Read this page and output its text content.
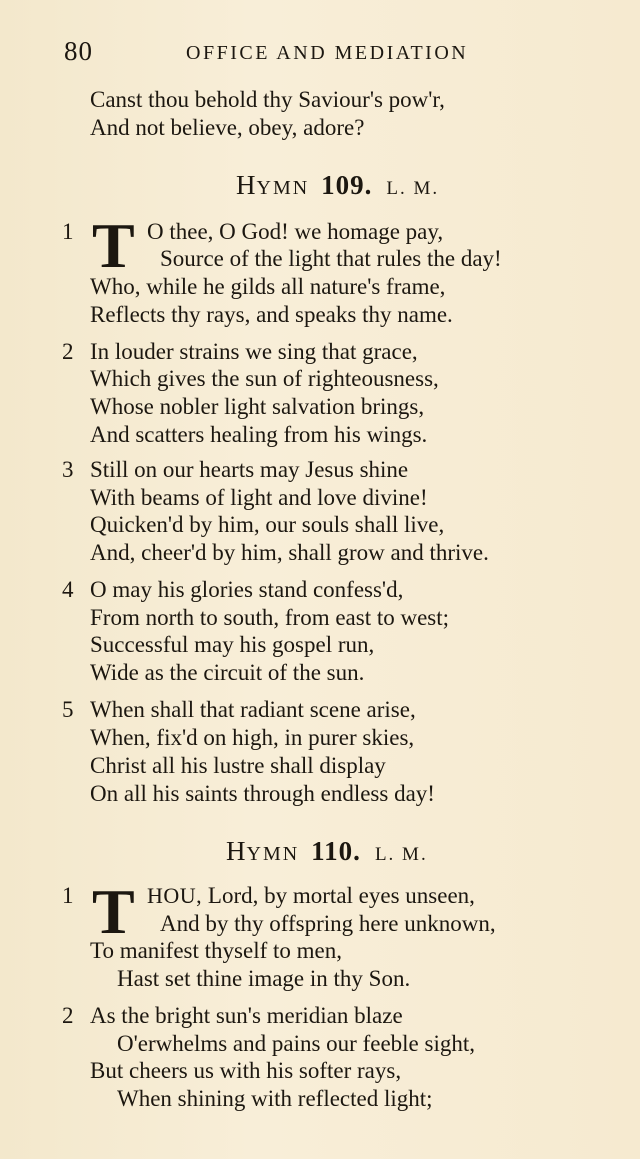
80	OFFICE AND MEDIATION
Canst thou behold thy Saviour's pow'r,
And not believe, obey, adore?
HYMN 109. L. M.
1 T O thee, O God! we homage pay,
Source of the light that rules the day!
Who, while he gilds all nature's frame,
Reflects thy rays, and speaks thy name.
2 In louder strains we sing that grace,
Which gives the sun of righteousness,
Whose nobler light salvation brings,
And scatters healing from his wings.
3 Still on our hearts may Jesus shine
With beams of light and love divine!
Quicken'd by him, our souls shall live,
And, cheer'd by him, shall grow and thrive.
4 O may his glories stand confess'd,
From north to south, from east to west;
Successful may his gospel run,
Wide as the circuit of the sun.
5 When shall that radiant scene arise,
When, fix'd on high, in purer skies,
Christ all his lustre shall display
On all his saints through endless day!
HYMN 110. L. M.
1 T HOU, Lord, by mortal eyes unseen,
And by thy offspring here unknown,
To manifest thyself to men,
Hast set thine image in thy Son.
2 As the bright sun's meridian blaze
O'erwhelms and pains our feeble sight,
But cheers us with his softer rays,
When shining with reflected light;
